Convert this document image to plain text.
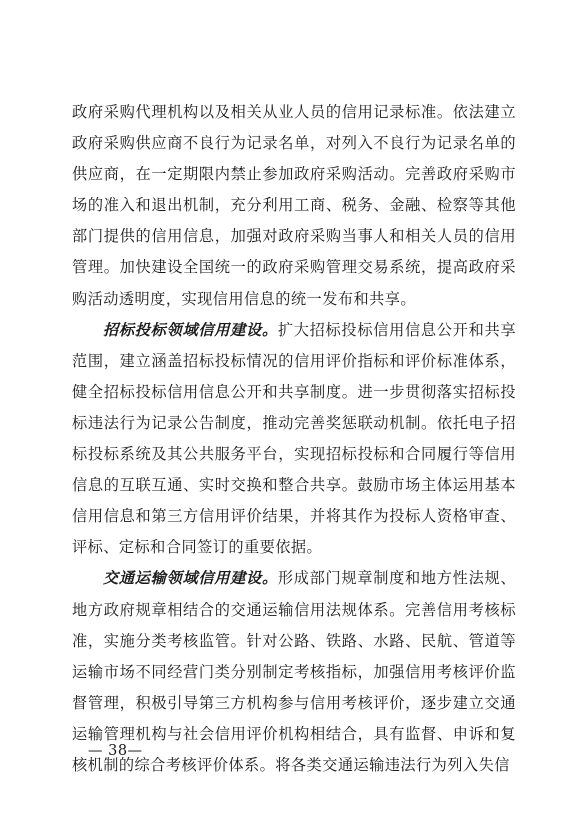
政府采购代理机构以及相关从业人员的信用记录标准。依法建立政府采购供应商不良行为记录名单，对列入不良行为记录名单的供应商，在一定期限内禁止参加政府采购活动。完善政府采购市场的准入和退出机制，充分利用工商、税务、金融、检察等其他部门提供的信用信息，加强对政府采购当事人和相关人员的信用管理。加快建设全国统一的政府采购管理交易系统，提高政府采购活动透明度，实现信用信息的统一发布和共享。

招标投标领域信用建设。扩大招标投标信用信息公开和共享范围，建立涵盖招标投标情况的信用评价指标和评价标准体系，健全招标投标信用信息公开和共享制度。进一步贯彻落实招标投标违法行为记录公告制度，推动完善奖惩联动机制。依托电子招标投标系统及其公共服务平台，实现招标投标和合同履行等信用信息的互联互通、实时交换和整合共享。鼓励市场主体运用基本信用信息和第三方信用评价结果，并将其作为投标人资格审查、评标、定标和合同签订的重要依据。

交通运输领域信用建设。形成部门规章制度和地方性法规、地方政府规章相结合的交通运输信用法规体系。完善信用考核标准，实施分类考核监管。针对公路、铁路、水路、民航、管道等运输市场不同经营门类分别制定考核指标，加强信用考核评价监督管理，积极引导第三方机构参与信用考核评价，逐步建立交通运输管理机构与社会信用评价机构相结合，具有监督、申诉和复核机制的综合考核评价体系。将各类交通运输违法行为列入失信

— 38—
